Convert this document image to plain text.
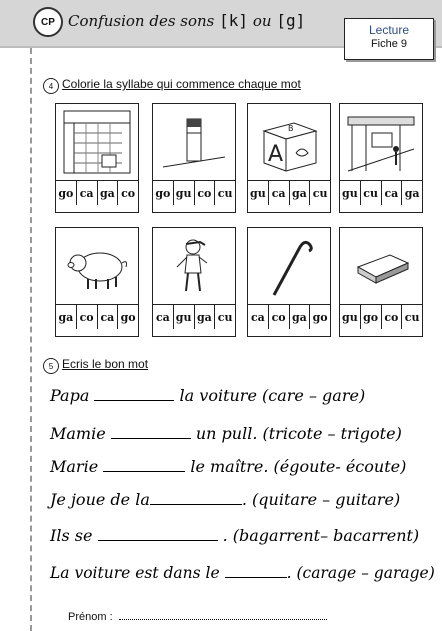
CP Confusion des sons [k] ou [g]	Lecture
Fiche 9
4 Colorie la syllabe qui commence chaque mot
go ca ga co go gu co cu
A
B
gu ca ga cu gu cu ca ga
ga co ca go ca gu ga cu ca co ga go gu go co cu
5 Ecris le bon mot
Papa	la voiture (care – gare)
Mamie	un pull. (tricote – trigote)
Marie	le maître. (égoute- écoute)
Je joue de la	. (quitare – guitare)
Ils se	. (bagarrent– bacarrent)
La voiture est dans le	. (carage – garage)
Prénom :
